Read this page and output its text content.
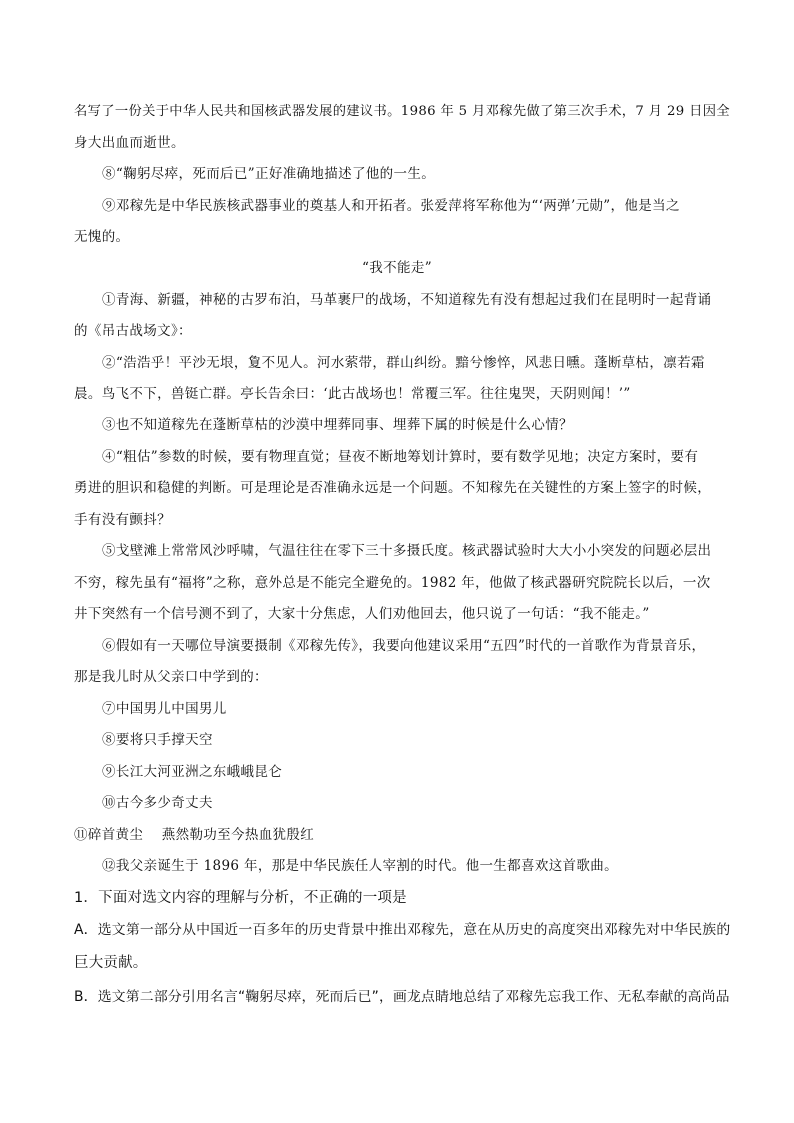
名写了一份关于中华人民共和国核武器发展的建议书。1986 年 5 月邓稼先做了第三次手术，7 月 29 日因全
身大出血而逝世。
⑧“鞠躬尽瘁，死而后已”正好准确地描述了他的一生。
⑨邓稼先是中华民族核武器事业的奠基人和开拓者。张爱萍将军称他为“‘两弹’元勋”，他是当之
无愧的。
“我不能走”
①青海、新疆，神秘的古罗布泊，马革裹尸的战场，不知道稼先有没有想起过我们在昆明时一起背诵
的《吊古战场文》：
②“浩浩乎！平沙无垠，夐不见人。河水萦带，群山纠纷。黯兮惨悴，风悲日曛。蓬断草枯，凛若霜
晨。鸟飞不下，兽铤亡群。亭长告余曰：‘此古战场也！常覆三军。往往鬼哭，天阴则闻！’”
③也不知道稼先在蓬断草枯的沙漠中埋葬同事、埋葬下属的时候是什么心情？
④“粗估”参数的时候，要有物理直觉；昼夜不断地筹划计算时，要有数学见地；决定方案时，要有
勇进的胆识和稳健的判断。可是理论是否准确永远是一个问题。不知稼先在关键性的方案上签字的时候，
手有没有颤抖？
⑤戈壁滩上常常风沙呼啸，气温往往在零下三十多摄氏度。核武器试验时大大小小突发的问题必层出
不穷，稼先虽有“福将”之称，意外总是不能完全避免的。1982 年，他做了核武器研究院院长以后，一次
井下突然有一个信号测不到了，大家十分焦虑，人们劝他回去，他只说了一句话：“我不能走。”
⑥假如有一天哪位导演要摄制《邓稼先传》，我要向他建议采用“五四”时代的一首歌作为背景音乐，
那是我儿时从父亲口中学到的：
⑦中国男儿中国男儿
⑧要将只手撑天空
⑨长江大河亚洲之东峨峨昆仑
⑩古今多少奇丈夫
⑪碎首黄尘　 燕然勒功至今热血犹殷红
⑫我父亲诞生于 1896 年，那是中华民族任人宰割的时代。他一生都喜欢这首歌曲。
1．下面对选文内容的理解与分析，不正确的一项是
A．选文第一部分从中国近一百多年的历史背景中推出邓稼先，意在从历史的高度突出邓稼先对中华民族的
巨大贡献。
B．选文第二部分引用名言“鞠躬尽瘁，死而后已”，画龙点睛地总结了邓稼先忘我工作、无私奉献的高尚品
